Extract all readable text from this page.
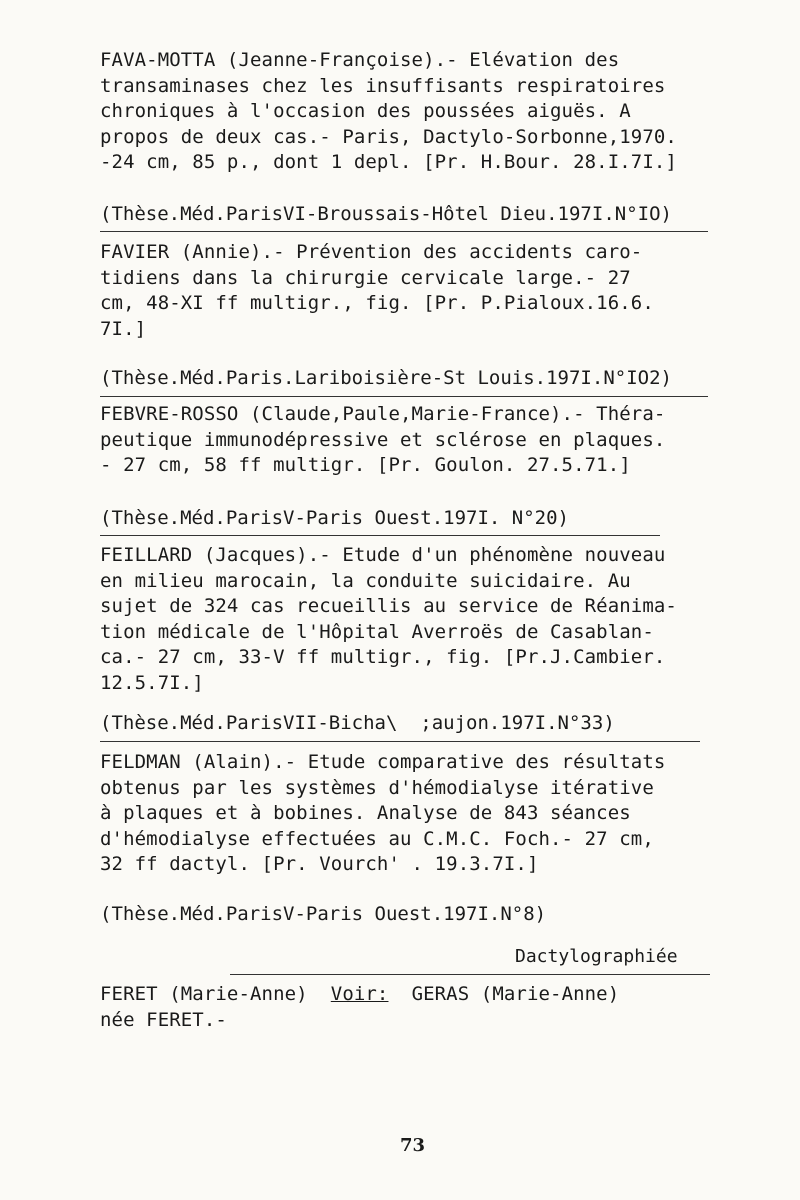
FAVA-MOTTA (Jeanne-Françoise).- Elévation des
transaminases chez les insuffisants respiratoires
chroniques à l'occasion des poussées aiguës. A
propos de deux cas.- Paris, Dactylo-Sorbonne,1970.
-24 cm, 85 p., dont 1 depl. [Pr. H.Bour. 28.I.7I.]
(Thèse.Méd.ParisVI-Broussais-Hôtel Dieu.197I.N°IO)
FAVIER (Annie).- Prévention des accidents caro-
tidiens dans la chirurgie cervicale large.- 27
cm, 48-XI ff multigr., fig. [Pr. P.Pialoux.16.6.
7I.]
(Thèse.Méd.Paris.Lariboisière-St Louis.197I.N°IO2)
FEBVRE-ROSSO (Claude,Paule,Marie-France).- Théra-
peutique immunodépressive et sclérose en plaques.
- 27 cm, 58 ff multigr. [Pr. Goulon. 27.5.71.]
(Thèse.Méd.ParisV-Paris Ouest.197I. N°20)
FEILLARD (Jacques).- Etude d'un phénomène nouveau
en milieu marocain, la conduite suicidaire. Au
sujet de 324 cas recueillis au service de Réanima-
tion médicale de l'Hôpital Averroës de Casablan-
ca.- 27 cm, 33-V ff multigr., fig. [Pr.J.Cambier.
12.5.7I.]
(Thèse.Méd.ParisVII-Bicha\  ;aujon.197I.N°33)
FELDMAN (Alain).- Etude comparative des résultats
obtenus par les systèmes d'hémodialyse itérative
à plaques et à bobines. Analyse de 843 séances
d'hémodialyse effectuées au C.M.C. Foch.- 27 cm,
32 ff dactyl. [Pr. Vourch' . 19.3.7I.]
(Thèse.Méd.ParisV-Paris Ouest.197I.N°8)
Dactylographiée
FERET (Marie-Anne) Voir: GERAS (Marie-Anne)
née FERET.-
73
